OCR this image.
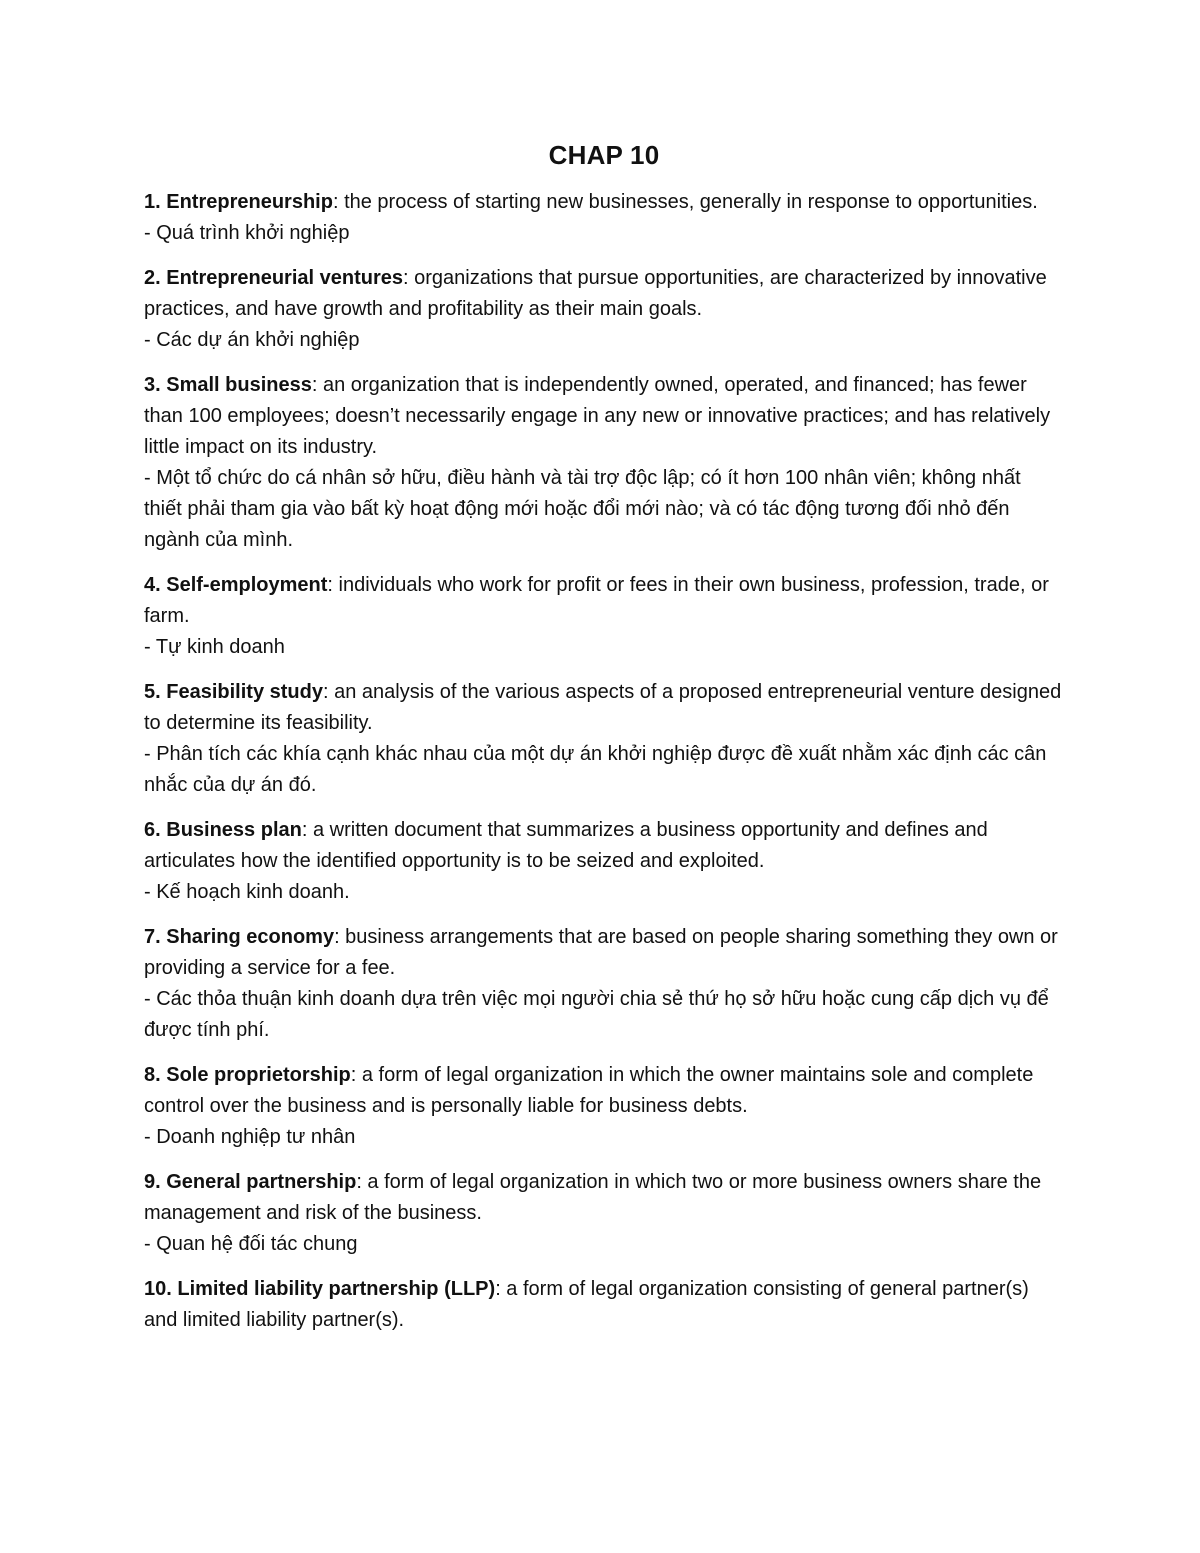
CHAP 10

1. Entrepreneurship: the process of starting new businesses, generally in response to opportunities.

- Quá trình khởi nghiệp

2. Entrepreneurial ventures: organizations that pursue opportunities, are characterized by innovative practices, and have growth and profitability as their main goals.

- Các dự án khởi nghiệp

3. Small business: an organization that is independently owned, operated, and financed; has fewer than 100 employees; doesn’t necessarily engage in any new or innovative practices; and has relatively little impact on its industry.

- Một tổ chức do cá nhân sở hữu, điều hành và tài trợ độc lập; có ít hơn 100 nhân viên; không nhất thiết phải tham gia vào bất kỳ hoạt động mới hoặc đổi mới nào; và có tác động tương đối nhỏ đến ngành của mình.

4. Self-employment: individuals who work for profit or fees in their own business, profession, trade, or farm.

- Tự kinh doanh

5. Feasibility study: an analysis of the various aspects of a proposed entrepreneurial venture designed to determine its feasibility.

- Phân tích các khía cạnh khác nhau của một dự án khởi nghiệp được đề xuất nhằm xác định các cân nhắc của dự án đó.

6. Business plan: a written document that summarizes a business opportunity and defines and articulates how the identified opportunity is to be seized and exploited.

- Kế hoạch kinh doanh.

7. Sharing economy: business arrangements that are based on people sharing something they own or providing a service for a fee.

- Các thỏa thuận kinh doanh dựa trên việc mọi người chia sẻ thứ họ sở hữu hoặc cung cấp dịch vụ để được tính phí.

8. Sole proprietorship: a form of legal organization in which the owner maintains sole and complete control over the business and is personally liable for business debts.

- Doanh nghiệp tư nhân

9. General partnership: a form of legal organization in which two or more business owners share the management and risk of the business.

- Quan hệ đối tác chung

10. Limited liability partnership (LLP): a form of legal organization consisting of general partner(s) and limited liability partner(s).
